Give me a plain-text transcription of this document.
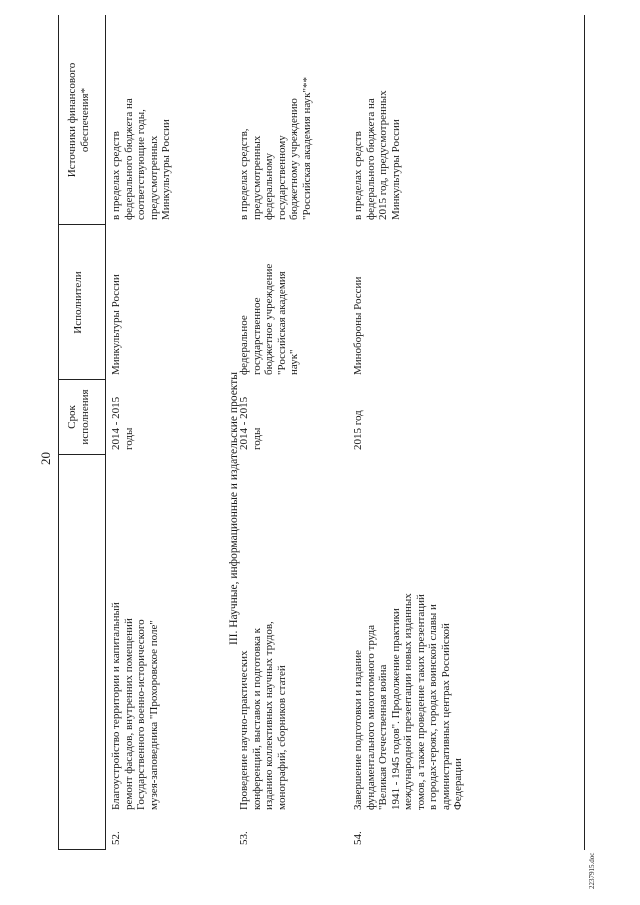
20
Срок
исполнения
Исполнители
Источники финансового
обеспечения*
52.
Благоустройство территории и капитальный
ремонт фасадов, внутренних помещений
Государственного военно-исторического
музея-заповедника "Прохоровское поле"
2014 - 2015
годы
Минкультуры России
в пределах средств
федерального бюджета на
соответствующие годы,
предусмотренных
Минкультуры России
III. Научные, информационные и издательские проекты
53.
Проведение научно-практических
конференций, выставок и подготовка к
изданию коллективных научных трудов,
монографий, сборников статей
2014 - 2015
годы
федеральное
государственное
бюджетное учреждение
"Российская академия
наук"
в пределах средств,
предусмотренных
федеральному
государственному
бюджетному учреждению
"Российская академия наук"**
54.
Завершение подготовки и издание
фундаментального многотомного труда
"Великая Отечественная война
1941 - 1945 годов". Продолжение практики
международной презентации новых изданных
томов, а также проведение таких презентаций
в городах-героях, городах воинской славы и
административных центрах Российской
Федерации
2015 год
Минобороны России
в пределах средств
федерального бюджета на
2015 год, предусмотренных
Минкультуры России
2237915.doc
